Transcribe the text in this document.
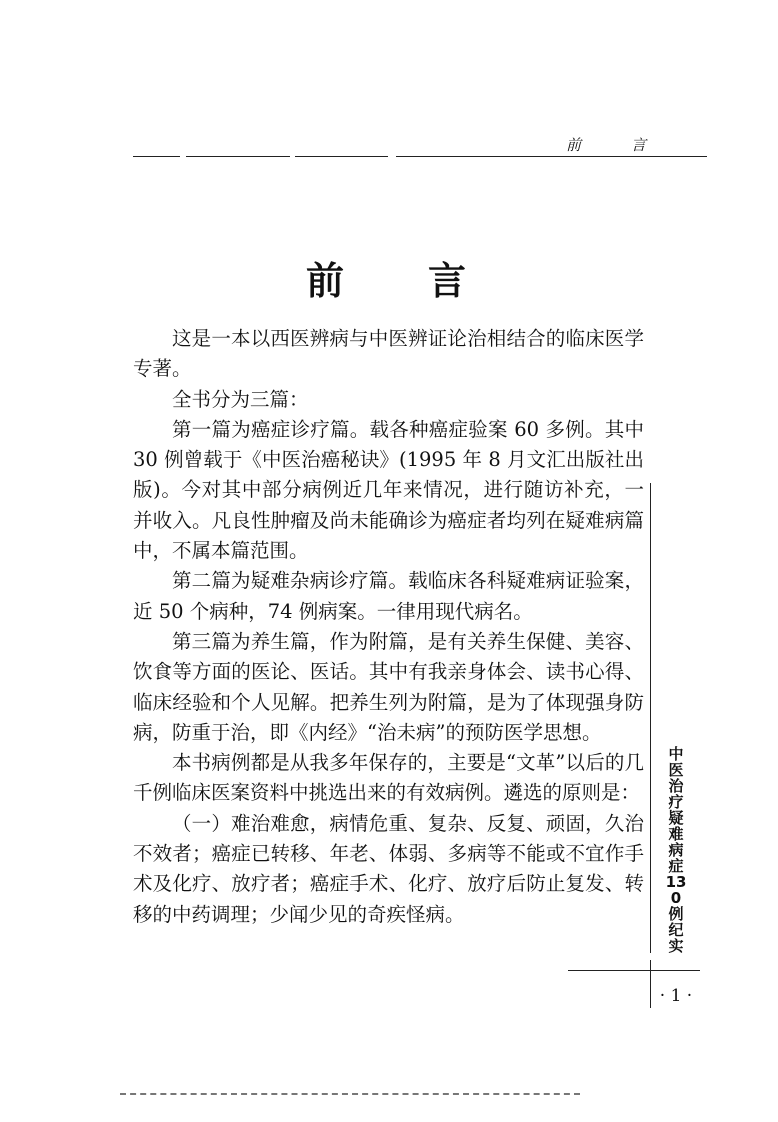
前	言
前 言

这是一本以西医辨病与中医辨证论治相结合的临床医学专著。

全书分为三篇：

第一篇为癌症诊疗篇。载各种癌症验案 60 多例。其中 30 例曾载于《中医治癌秘诀》(1995 年 8 月文汇出版社出版)。今对其中部分病例近几年来情况，进行随访补充，一并收入。凡良性肿瘤及尚未能确诊为癌症者均列在疑难病篇中，不属本篇范围。

第二篇为疑难杂病诊疗篇。载临床各科疑难病证验案，近 50 个病种，74 例病案。一律用现代病名。

第三篇为养生篇，作为附篇，是有关养生保健、美容、饮食等方面的医论、医话。其中有我亲身体会、读书心得、临床经验和个人见解。把养生列为附篇，是为了体现强身防病，防重于治，即《内经》“治未病”的预防医学思想。

本书病例都是从我多年保存的，主要是“文革”以后的几千例临床医案资料中挑选出来的有效病例。遴选的原则是：

（一）难治难愈，病情危重、复杂、反复、顽固，久治不效者；癌症已转移、年老、体弱、多病等不能或不宜作手术及化疗、放疗者；癌症手术、化疗、放疗后防止复发、转移的中药调理；少闻少见的奇疾怪病。

中医治疗疑难病症130例纪实
· 1 ·
